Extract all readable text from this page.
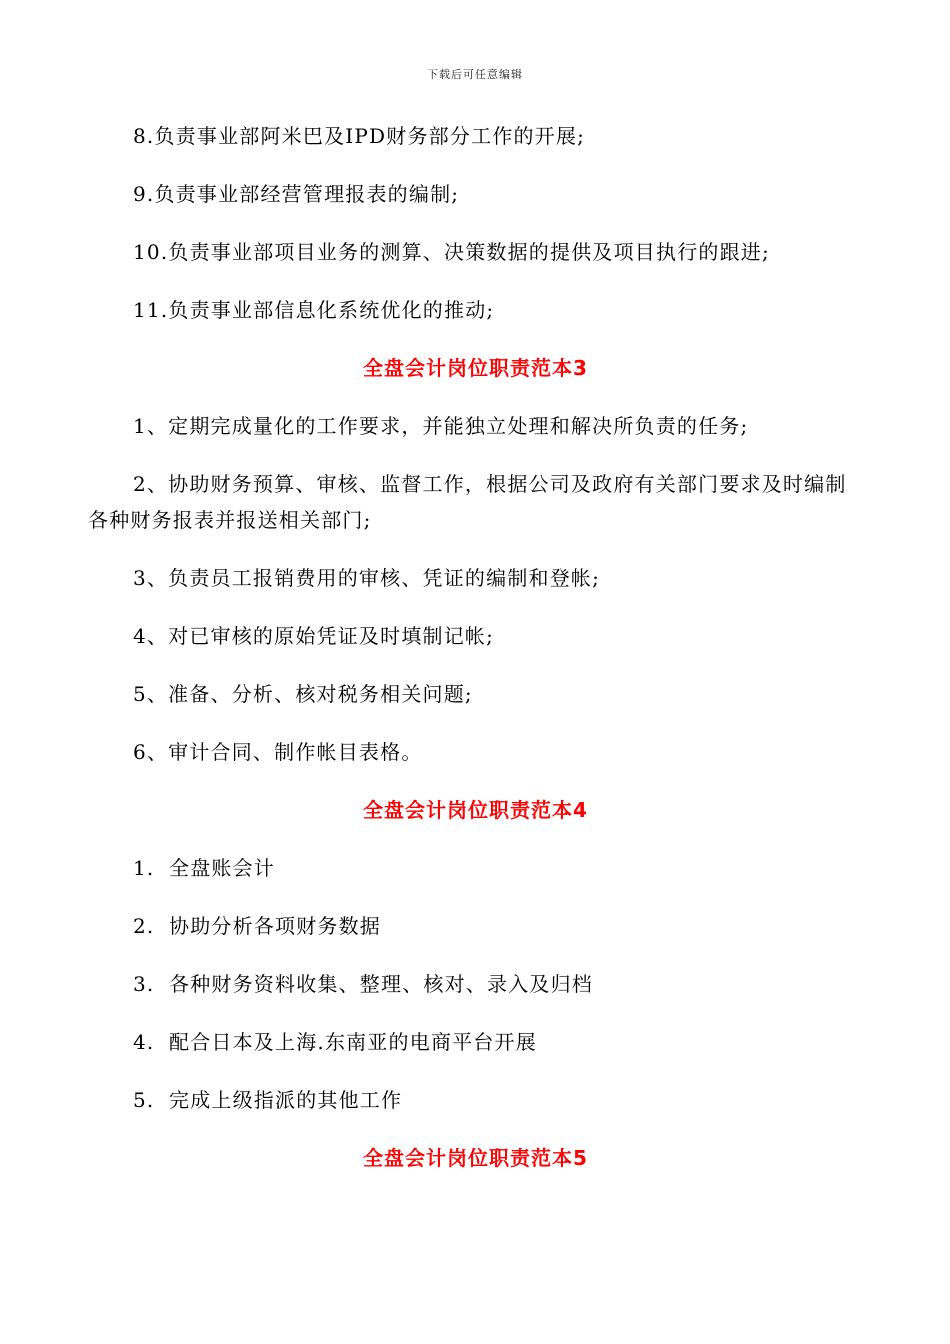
下载后可任意编辑

8.负责事业部阿米巴及IPD财务部分工作的开展;

9.负责事业部经营管理报表的编制;

10.负责事业部项目业务的测算、决策数据的提供及项目执行的跟进;

11.负责事业部信息化系统优化的推动;

全盘会计岗位职责范本3

1、定期完成量化的工作要求，并能独立处理和解决所负责的任务;

2、协助财务预算、审核、监督工作，根据公司及政府有关部门要求及时编制各种财务报表并报送相关部门;

3、负责员工报销费用的审核、凭证的编制和登帐;

4、对已审核的原始凭证及时填制记帐;

5、准备、分析、核对税务相关问题;

6、审计合同、制作帐目表格。

全盘会计岗位职责范本4
1. 全盘账会计
2. 协助分析各项财务数据
3. 各种财务资料收集、整理、核对、录入及归档
4. 配合日本及上海.东南亚的电商平台开展
5. 完成上级指派的其他工作
全盘会计岗位职责范本5
